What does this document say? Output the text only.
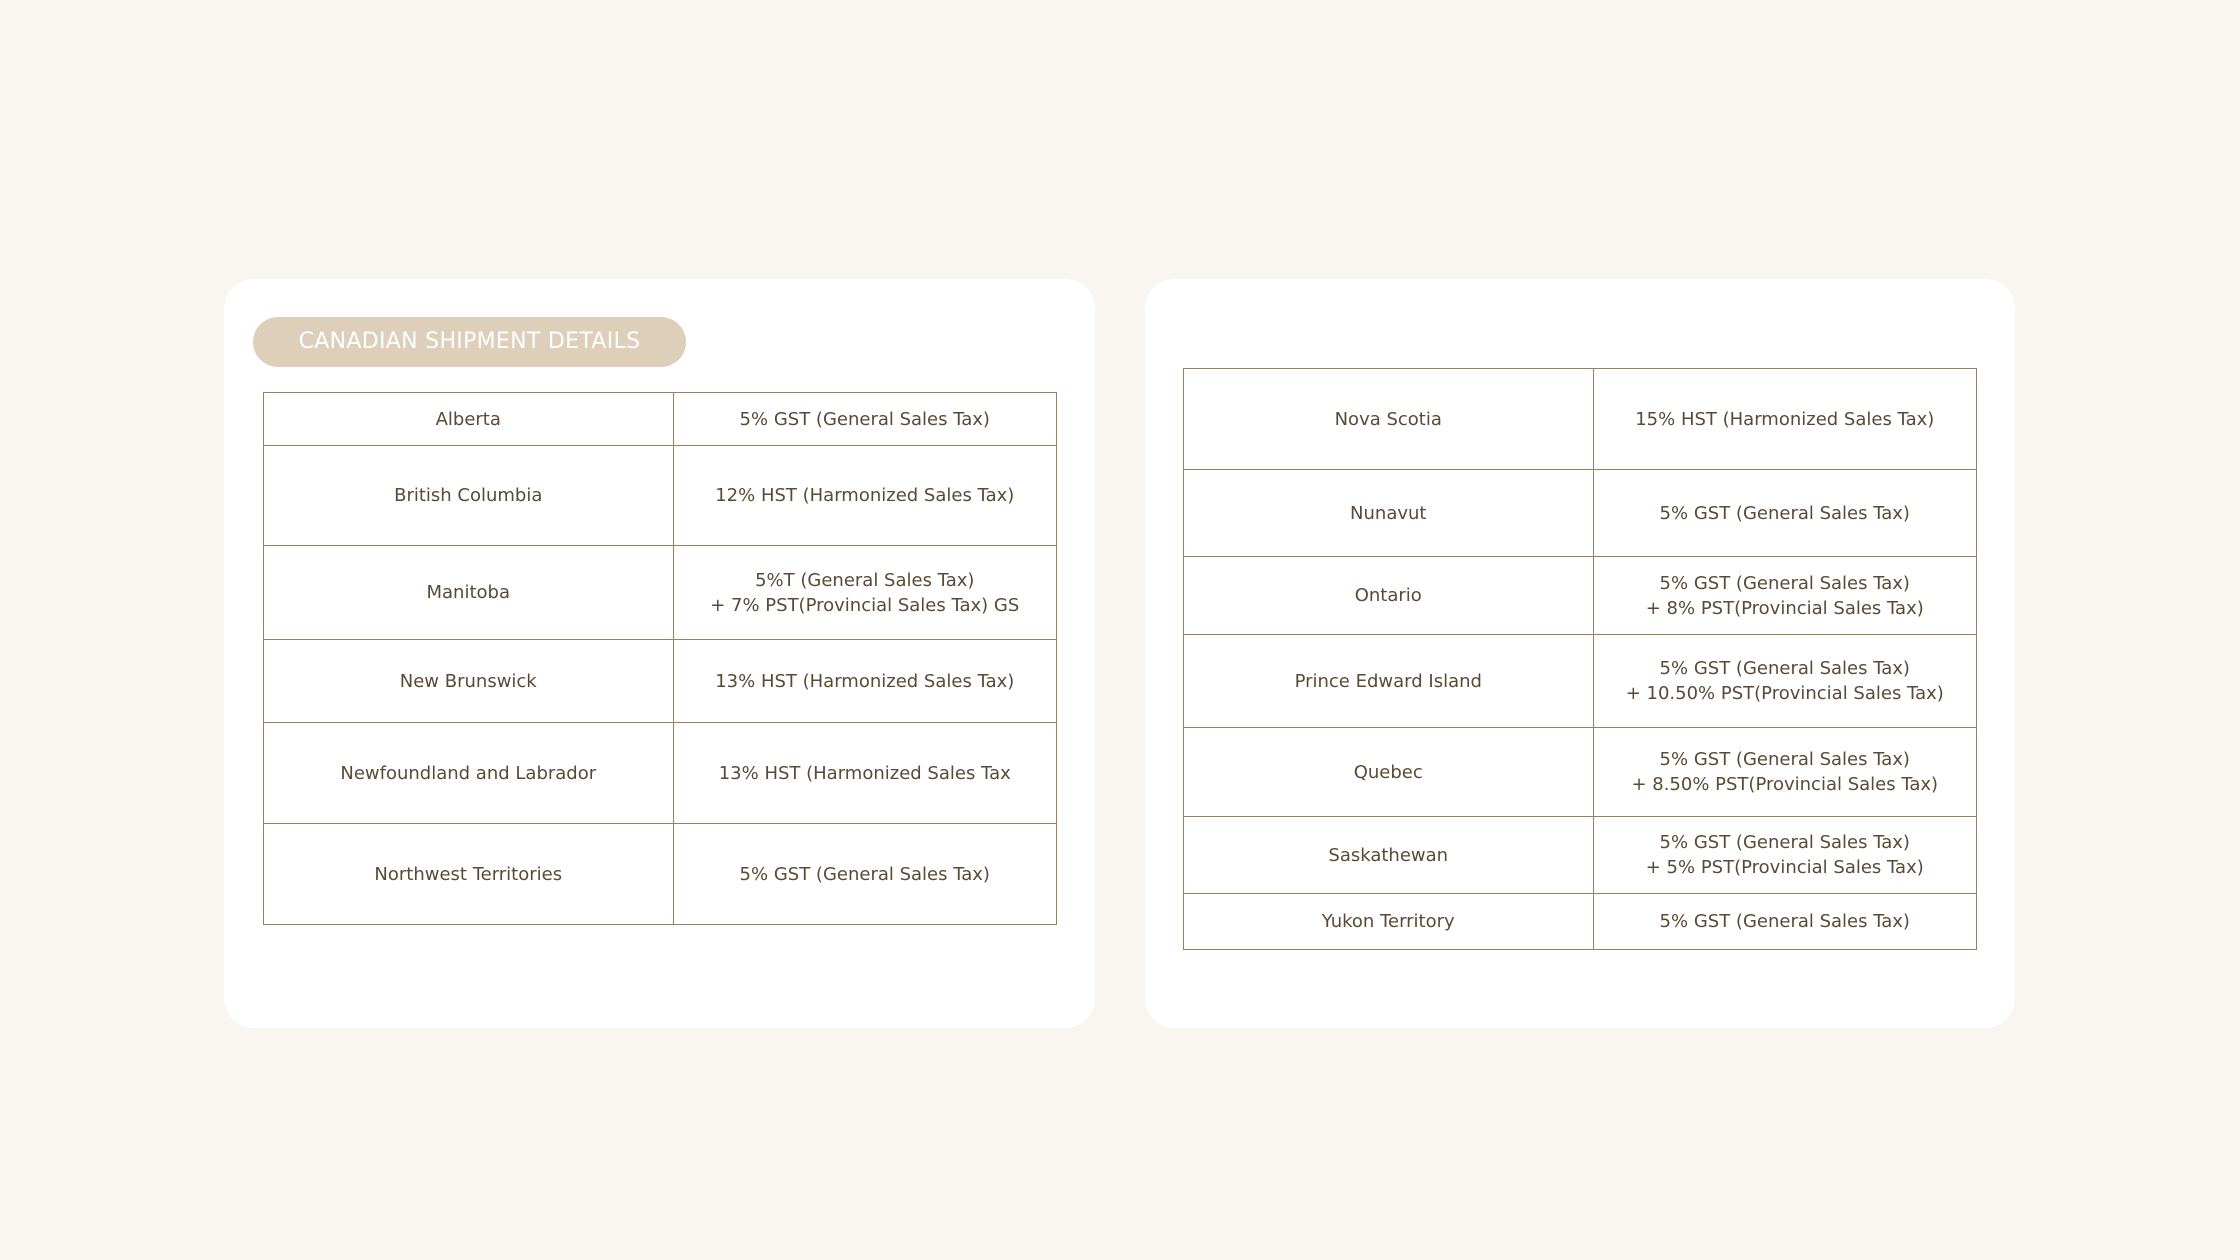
CANADIAN SHIPMENT DETAILS
Alberta	5% GST (General Sales Tax)

British Columbia	12% HST (Harmonized Sales Tax)

Manitoba	5%T (General Sales Tax)
+ 7% PST(Provincial Sales Tax) GS

New Brunswick	13% HST (Harmonized Sales Tax)

Newfoundland and Labrador	13% HST (Harmonized Sales Tax

Northwest Territories	5% GST (General Sales Tax)
Nova Scotia	15% HST (Harmonized Sales Tax)

Nunavut	5% GST (General Sales Tax)

Ontario	5% GST (General Sales Tax)
+ 8% PST(Provincial Sales Tax)

Prince Edward Island	5% GST (General Sales Tax)
+ 10.50% PST(Provincial Sales Tax)

Quebec	5% GST (General Sales Tax)
+ 8.50% PST(Provincial Sales Tax)

Saskathewan	5% GST (General Sales Tax)
+ 5% PST(Provincial Sales Tax)

Yukon Territory	5% GST (General Sales Tax)
